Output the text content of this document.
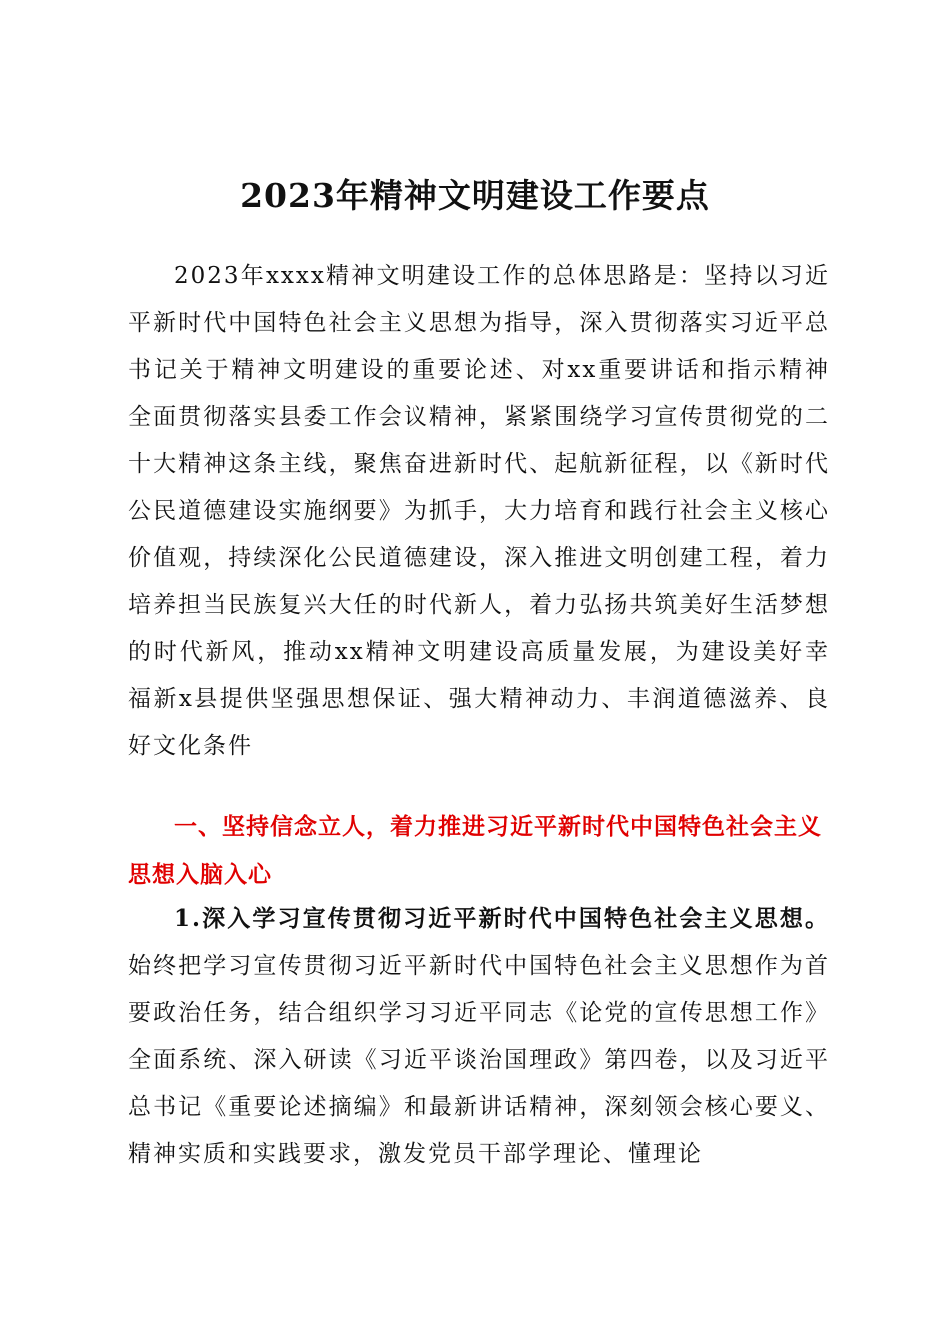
2023年精神文明建设工作要点

2023年xxxx精神文明建设工作的总体思路是：坚持以习近平新时代中国特色社会主义思想为指导，深入贯彻落实习近平总书记关于精神文明建设的重要论述、对xx重要讲话和指示精神全面贯彻落实县委工作会议精神，紧紧围绕学习宣传贯彻党的二十大精神这条主线，聚焦奋进新时代、起航新征程，以《新时代公民道德建设实施纲要》为抓手，大力培育和践行社会主义核心价值观，持续深化公民道德建设，深入推进文明创建工程，着力培养担当民族复兴大任的时代新人，着力弘扬共筑美好生活梦想的时代新风，推动xx精神文明建设高质量发展，为建设美好幸福新x县提供坚强思想保证、强大精神动力、丰润道德滋养、良好文化条件

一、坚持信念立人，着力推进习近平新时代中国特色社会主义思想入脑入心

1.深入学习宣传贯彻习近平新时代中国特色社会主义思想。始终把学习宣传贯彻习近平新时代中国特色社会主义思想作为首要政治任务，结合组织学习习近平同志《论党的宣传思想工作》全面系统、深入研读《习近平谈治国理政》第四卷，以及习近平总书记《重要论述摘编》和最新讲话精神，深刻领会核心要义、精神实质和实践要求，激发党员干部学理论、懂理论
